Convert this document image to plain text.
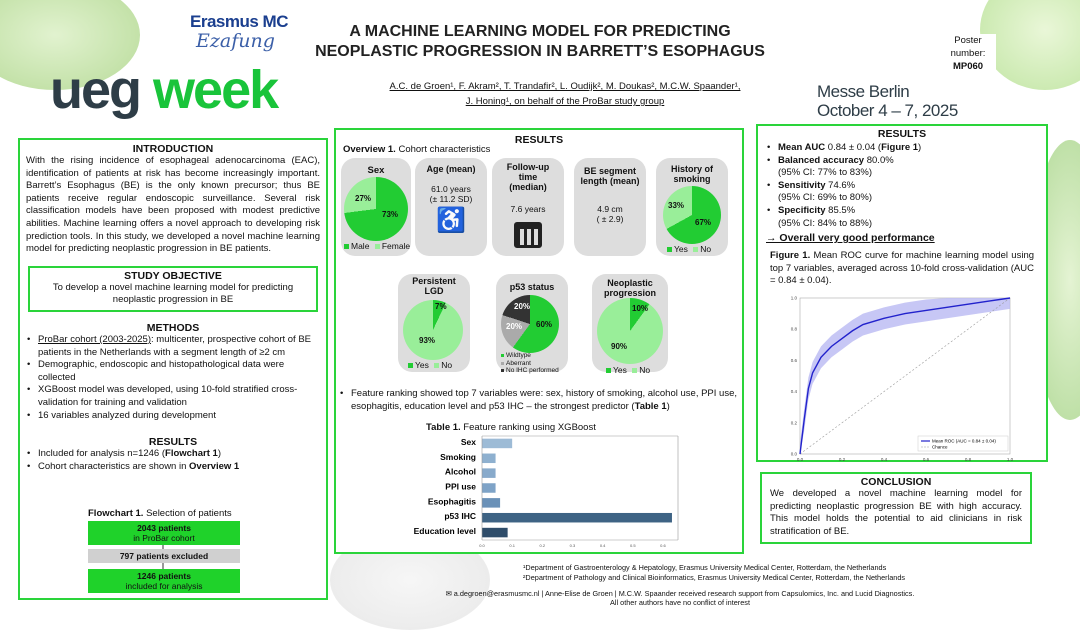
Erasmus MC
Ezafung
ueg week
A MACHINE LEARNING MODEL FOR PREDICTING
NEOPLASTIC PROGRESSION IN BARRETT’S ESOPHAGUS
A.C. de Groen¹, F. Akram², T. Trandafir², L. Oudijk², M. Doukas², M.C.W. Spaander¹,
J. Honing¹, on behalf of the ProBar study group
Poster
number:
MP060
Messe Berlin
October 4 – 7, 2025
INTRODUCTION

With the rising incidence of esophageal adenocarcinoma (EAC), identification of patients at risk has become increasingly important. Barrett’s Esophagus (BE) is the only known precursor; thus BE patients receive regular endoscopic surveillance. Several risk classification models have been proposed with modest predictive abilities. Machine learning offers a novel approach to developing risk prediction tools. In this study, we developed a novel machine learning model for predicting neoplastic progression in BE patients.

STUDY OBJECTIVE
To develop a novel machine learning model for predicting neoplastic progression in BE
METHODS
• ProBar cohort (2003-2025): multicenter, prospective cohort of BE patients in the Netherlands with a segment length of ≥2 cm
• Demographic, endoscopic and histopathological data were collected
• XGBoost model was developed, using 10-fold stratified cross-validation for training and validation
• 16 variables analyzed during development
RESULTS
• Included for analysis n=1246 (Flowchart 1)
• Cohort characteristics are shown in Overview 1
Flowchart 1. Selection of patients
2043 patients
in ProBar cohort
797 patients excluded
1246 patients
included for analysis
RESULTS
Overview 1. Cohort characteristics
Sex
73%
27%
Male Female
Age (mean)
61.0 years
(± 11.2 SD)
♿
Follow-up time (median)
7.6 years
BE segment length (mean)
4.9 cm
( ± 2.9)
History of smoking
67%
33%
Yes No
Persistent LGD
7%
93%
Yes No
p53 status
60%
20%
20%
Wildtype
Aberrant
No IHC performed
Neoplastic progression
10%
90%
Yes No
• Feature ranking showed top 7 variables were: sex, history of smoking, alcohol use, PPI use, esophagitis, education level and p53 IHC – the strongest predictor (Table 1)
Table 1. Feature ranking using XGBoost
Sex
Smoking
Alcohol
PPI use
Esophagitis
p53 IHC
Education level
0.0	0.1	0.2	0.3	0.4	0.5	0.6
RESULTS
• Mean AUC 0.84 ± 0.04 (Figure 1)
• Balanced accuracy 80.0%
(95% CI: 77% to 83%)
• Sensitivity 74.6%
(95% CI: 69% to 80%)
• Specificity 85.5%
(95% CI: 84% to 88%)
→ Overall very good performance
Figure 1. Mean ROC curve for machine learning model using top 7 variables, averaged across 10-fold cross-validation (AUC = 0.84 ± 0.04).
0.0	0.2	0.4	0.6	0.8	1.0
0.0
0.2
0.4
0.6
0.8
1.0
Mean ROC (AUC = 0.84 ± 0.04)
Chance
CONCLUSION

We developed a novel machine learning model for predicting neoplastic progression BE with high accuracy. This model holds the potential to aid clinicians in risk stratification of BE.

¹Department of Gastroenterology & Hepatology, Erasmus University Medical Center, Rotterdam, the Netherlands
²Department of Pathology and Clinical Bioinformatics, Erasmus University Medical Center, Rotterdam, the Netherlands
✉ a.degroen@erasmusmc.nl | Anne-Elise de Groen | M.C.W. Spaander received research support from Capsulomics, Inc. and Lucid Diagnostics.
All other authors have no conflict of interest
